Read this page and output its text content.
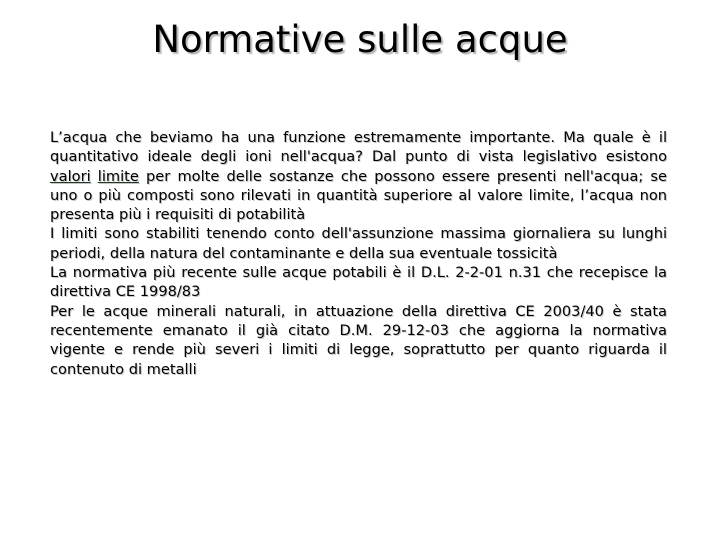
Normative sulle acque

L’acqua che beviamo ha una funzione estremamente importante. Ma quale è il quantitativo ideale degli ioni nell'acqua? Dal punto di vista legislativo esistono valori limite per molte delle sostanze che possono essere presenti nell'acqua; se uno o più composti sono rilevati in quantità superiore al valore limite, l’acqua non presenta più i requisiti di potabilità

I limiti sono stabiliti tenendo conto dell'assunzione massima giornaliera su lunghi periodi, della natura del contaminante e della sua eventuale tossicità

La normativa più recente sulle acque potabili è il D.L. 2-2-01 n.31 che recepisce la direttiva CE 1998/83

Per le acque minerali naturali, in attuazione della direttiva CE 2003/40 è stata recentemente emanato il già citato D.M. 29-12-03 che aggiorna la normativa vigente e rende più severi i limiti di legge, soprattutto per quanto riguarda il contenuto di metalli
